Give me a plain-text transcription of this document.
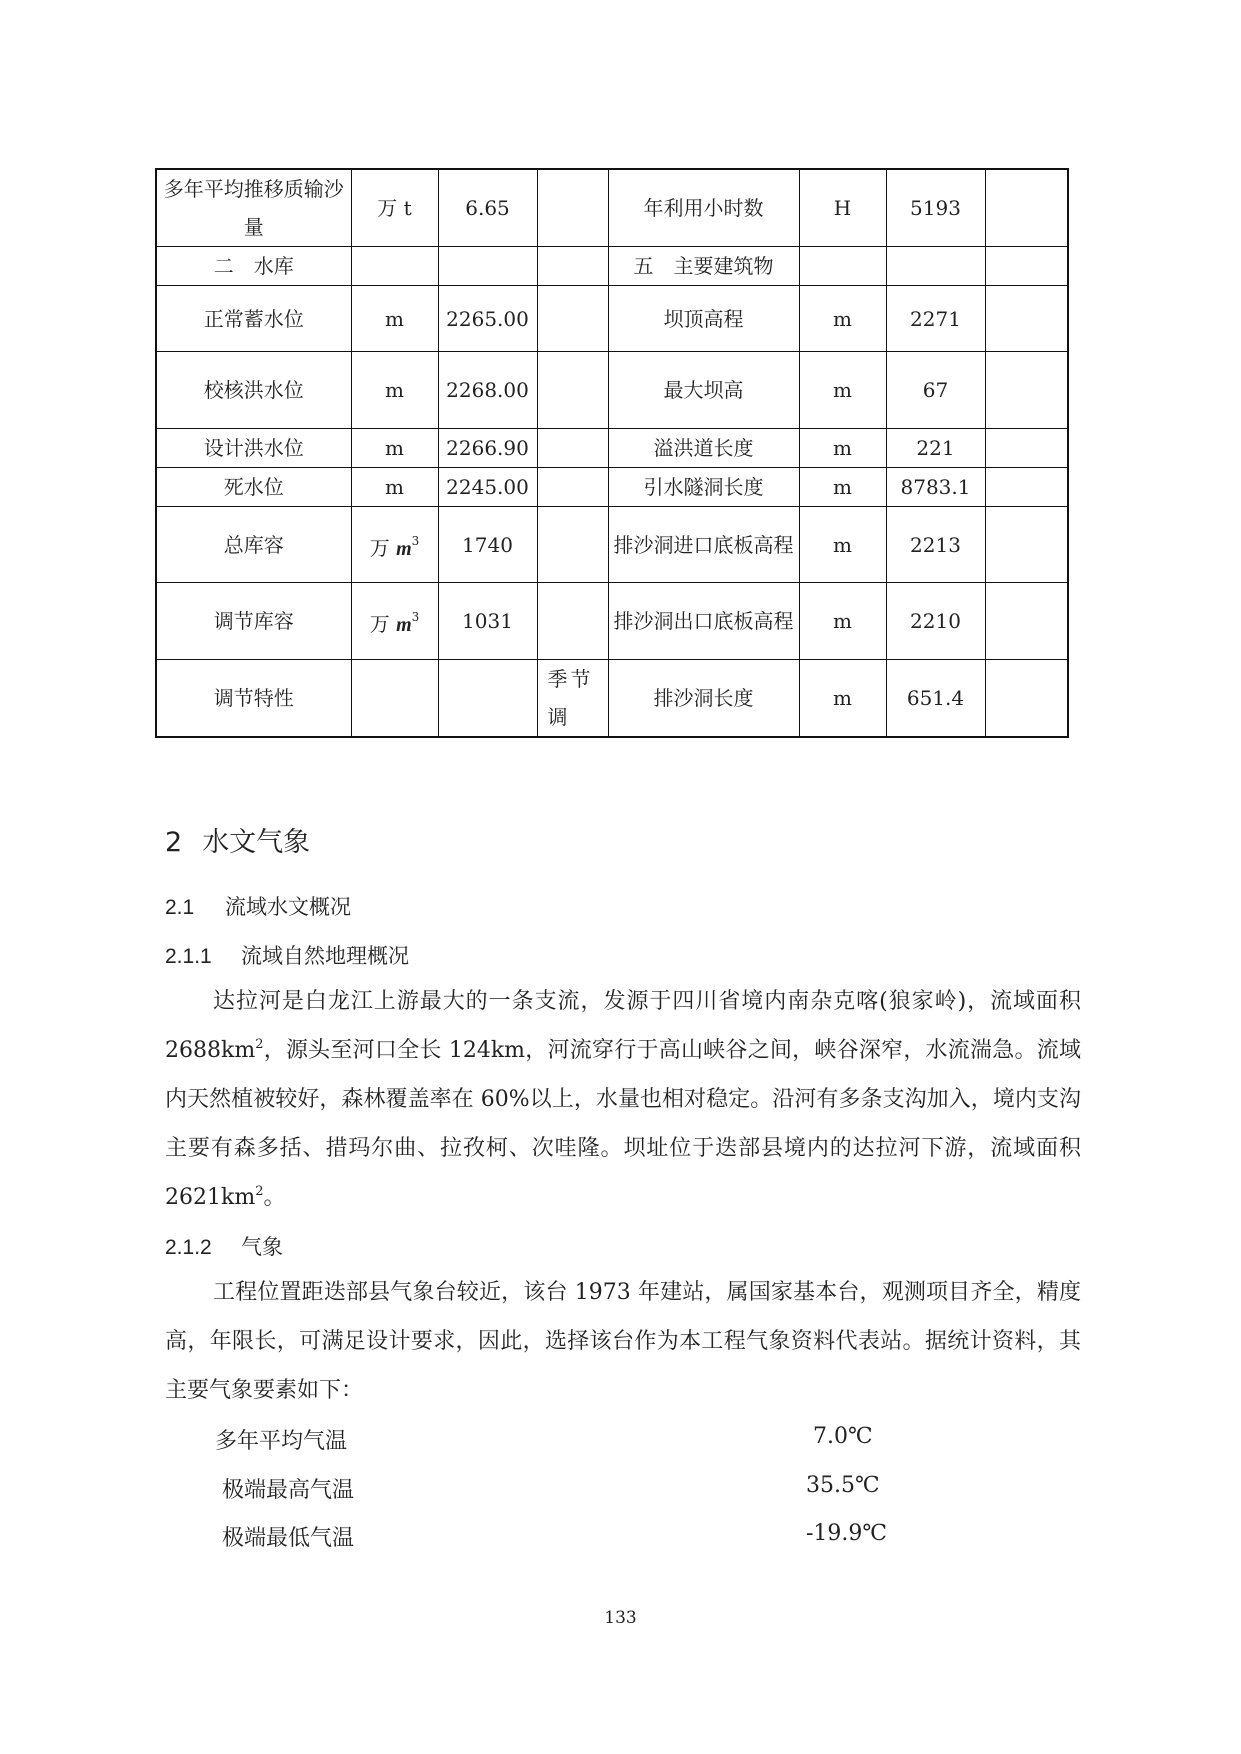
多年平均推移质输沙量	万 t	6.65		年利用小时数	H	5193	
二　水库				五　主要建筑物			
正常蓄水位	m	2265.00		坝顶高程	m	2271	
校核洪水位	m	2268.00		最大坝高	m	67	
设计洪水位	m	2266.90		溢洪道长度	m	221	
死水位	m	2245.00		引水隧洞长度	m	8783.1	
总库容	万 $m^3$	1740		排沙洞进口底板高程	m	2213	
调节库容	万 $m^3$	1031		排沙洞出口底板高程	m	2210	
调节特性			季节调	排沙洞长度	m	651.4	
2 水文气象
2.1 流域水文概况
2.1.1 流域自然地理概况

达拉河是白龙江上游最大的一条支流，发源于四川省境内南杂克喀(狼家岭)，流域面积 $2688km^2$，源头至河口全长 124km，河流穿行于高山峡谷之间，峡谷深窄，水流湍急。流域内天然植被较好，森林覆盖率在 60%以上，水量也相对稳定。沿河有多条支沟加入，境内支沟主要有森多括、措玛尔曲、拉孜柯、次哇隆。坝址位于迭部县境内的达拉河下游，流域面积 $2621km^2$。

2.1.2 气象

工程位置距迭部县气象台较近，该台 1973 年建站，属国家基本台，观测项目齐全，精度高，年限长，可满足设计要求，因此，选择该台作为本工程气象资料代表站。据统计资料，其主要气象要素如下：

多年平均气温	7.0℃
极端最高气温	35.5℃
极端最低气温	-19.9℃
133
